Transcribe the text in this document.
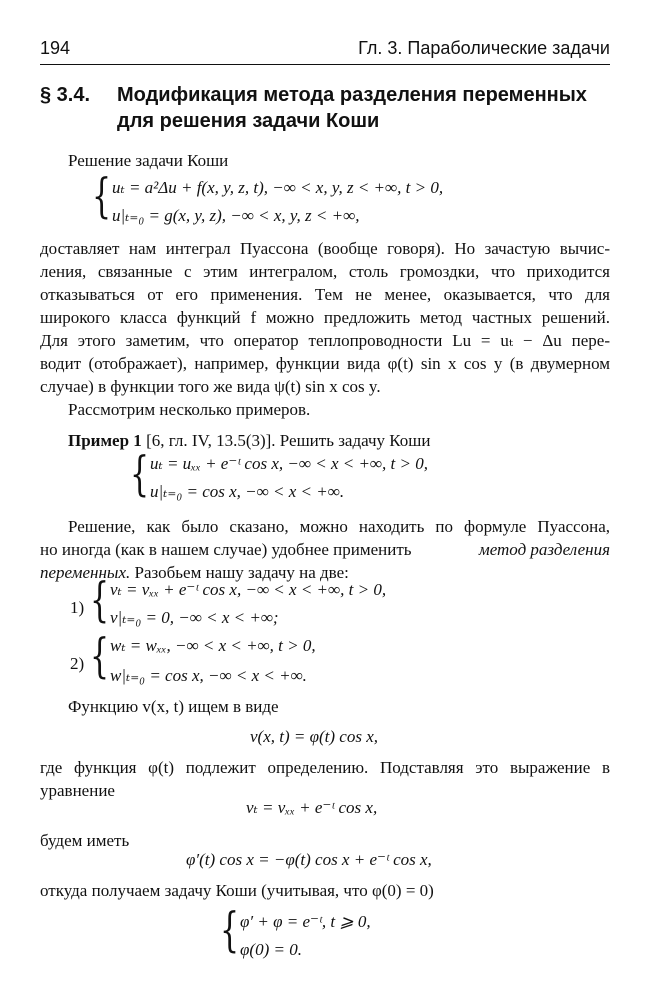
194	Гл. 3. Параболические задачи
§ 3.4. Модификация метода разделения переменных
для решения задачи Коши
Решение задачи Коши
{ uₜ = a²Δu + f(x, y, z, t), −∞ < x, y, z < +∞, t > 0,
u|ₜ₌₀ = g(x, y, z), −∞ < x, y, z < +∞,
доставляет нам интеграл Пуассона (вообще говоря). Но зачастую вычис-
ления, связанные с этим интегралом, столь громоздки, что приходится
отказываться от его применения. Тем не менее, оказывается, что для
широкого класса функций f можно предложить метод частных решений.
Для этого заметим, что оператор теплопроводности Lu = uₜ − Δu пере-
водит (отображает), например, функции вида φ(t) sin x cos y (в двумерном
случае) в функции того же вида ψ(t) sin x cos y.
Рассмотрим несколько примеров.
Пример 1 [6, гл. IV, 13.5(3)]. Решить задачу Коши
{ uₜ = uₓₓ + e⁻ᵗ cos x, −∞ < x < +∞, t > 0,
u|ₜ₌₀ = cos x, −∞ < x < +∞.
Решение, как было сказано, можно находить по формуле Пуассона,
но иногда (как в нашем случае) удобнее применить	метод разделения
переменных. Разобьем нашу задачу на две:
1) { vₜ = vₓₓ + e⁻ᵗ cos x, −∞ < x < +∞, t > 0,
v|ₜ₌₀ = 0, −∞ < x < +∞;
2) { wₜ = wₓₓ, −∞ < x < +∞, t > 0,
w|ₜ₌₀ = cos x, −∞ < x < +∞.
Функцию v(x, t) ищем в виде
v(x, t) = φ(t) cos x,
где функция φ(t) подлежит определению. Подставляя это выражение в
уравнение
vₜ = vₓₓ + e⁻ᵗ cos x,
будем иметь
φ′(t) cos x = −φ(t) cos x + e⁻ᵗ cos x,
откуда получаем задачу Коши (учитывая, что φ(0) = 0)
{ φ′ + φ = e⁻ᵗ, t ⩾ 0,
φ(0) = 0.
